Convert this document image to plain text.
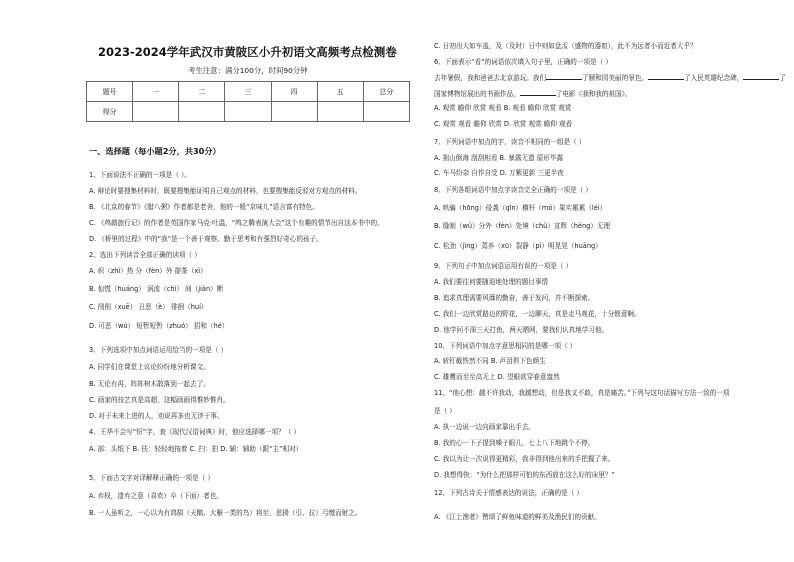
2023-2024学年武汉市黄陂区小升初语文高频考点检测卷
考生注意：满分100分，时间90分钟
题号	一	二	三	四	五	总分
得分						
一、选择题（每小题2分，共30分）
1、下面说法不正确的一项是（ ）。
A. 辩论时要搜集材料时，既要搜集能证明自己观点的材料，也要搜集能反驳对方观点的材料。
B. 《北京的春节》《腊八粥》作者都是老舍，他的一般“京味儿”语言富有特色。
C. 《鸬鹚旅行记》的作者是英国作家马克·吐温，“鸬之腾表演大会”这个有趣的情节出自这本书中的。
D. 《桥里的过程》中的“我”是一个善于观察、勤于思考和有强烈好奇心的孩子。
2、选出下列读音全部正确的读项（ ）
A. 炽（zhì）热 分（fèn）外 提茶（xì）
B. 惊慌（huáng） 涡流（chì） 间（jiàn）断
C. 削削（xuē） 丑恶（è） 徘徊（huí）
D. 可恶（wù） 短暂短暂（zhuó） 招和（hé）
3、下列选项中加点词语运用恰当的一项是（ ）
A. 同学们在课堂上议论纷纷地分析课文。
B. 无论有再，阵阵树木散落到一起去了。
C. 画家的技艺真是高超，这幅画画得惟妙惟肖。
D. 对于未来上进的人，劝说再多也无济于事。
4、王华不会写“恒”字，查《现代汉语词典》时，他应选择哪一项？（ ）
A. 部：头纸下 B. 扶：轻轻地按着 C. 扫：拍 D. 辅：辅助（跟“主”相对）
5、下面古文字对译解释正确的一项是（ ）
A. 弃权，遗弃之意（喜欢）卒（下面）者也。
B. 一人虽听之，一心以为有鸿鹄（天鹅、大雁一类的鸟）将至，思援（引、拉）弓缴而射之。
C. 日初出大如车盖，及（及时）日中则如盘盂（盛物的器皿），此不为远者小而近者大乎？
6、下面表示“看”的词语依次填入句子里，正确的一项是（ ）
去年暑假，我和爸爸去北京游玩。我们	了颐和园美丽的景色，	了人民英雄纪念碑，	了
国家博物馆展出的书画作品，	了电影《我和我的祖国》。
A. 观赏 瞻仰 欣赏 观看 B. 观看 瞻仰 欣赏 观赏
C. 观赏 观看 瞻仰 欣赏 D. 欣赏 观赏 瞻仰 观看
7、下列词语中加点的字，读音不相同的一组是（ ）
A. 拙山倒海 刮刮相看 B. 暴露无遗 原形毕露
C. 车马纷杂 自作自受 D. 万紫更新 三更半夜
8、下列各组词语中加点字读音完全正确的一项是（ ）
A. 哄骗（hōng）侵袭（qīn）横杆（mó）果实累累（léi）
B. 缝制（wǔ）分外（fèn）处境（chǔ）宣辉（hèng）无理
C. 松劲（jìng）蔫养（xū）裂静（pì）明晃晃（huāng）
9、下列句子中加点词语运用有误的一项是（ ）
A. 我们要往何要随迎地处理的题目事情
B. 追求真理需要风靡的勤奋，善于发问，并不断探索。
C. 我们一边欣赏路边的野花，一边聊天，真是走马观花，十分惬意啊。
D. 他学问不深三天打鱼，两天晒网，要我们认真地学习他。
10、下列词语中加点字意思相同的是哪一项（ ）
A. 斩钉截铁然不同 B. 声泪俱下色颜生
C. 雄鹰而至至高无上 D. 望眼欲穿春意盎然
11、“他心想：越不许我动，我越想动，但是我又不敢，真是痛苦。”下列与这句话描写方法一致的一项
是（ ）
A. 执一边说一边向画家靠出手去。
B. 我的心一下子提到嗓子眼儿，七上八下地跳个不停。
C. 我以为让一次说得更精彩，我非得到他出来的手把握了来。
D. 我想得快：“为什么把那样可怕的东西放在这么好的床里？”
12、下列古诗关于情感表达的说法，正确的是（ ）
A. 《江上渔者》赞颂了鲜鱼味道的鲜美及渔民们的贡献。
